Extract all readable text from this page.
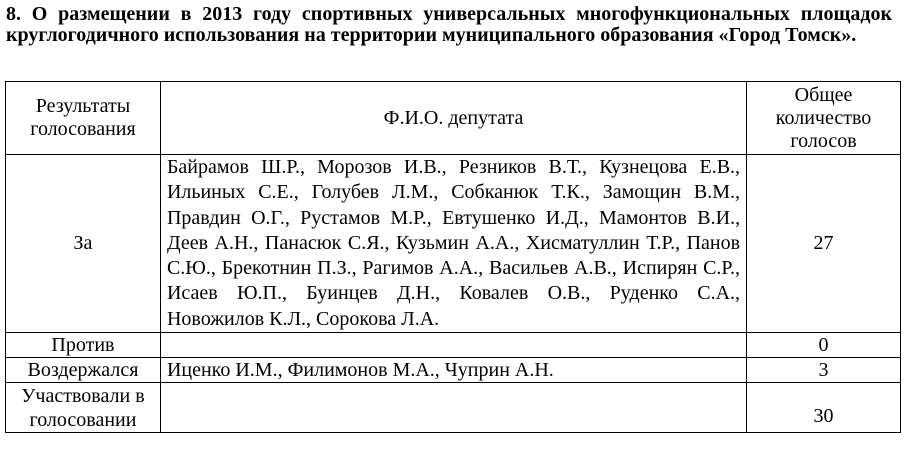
8. О размещении в 2013 году спортивных универсальных многофункциональных площадок круглогодичного использования на территории муниципального образования «Город Томск».
Результаты голосования	Ф.И.О. депутата	Общее количество голосов
За	Байрамов Ш.Р., Морозов И.В., Резников В.Т., Кузнецова Е.В., Ильиных С.Е., Голубев Л.М., Собканюк Т.К., Замощин В.М., Правдин О.Г., Рустамов М.Р., Евтушенко И.Д., Мамонтов В.И., Деев А.Н., Панасюк С.Я., Кузьмин А.А., Хисматуллин Т.Р., Панов С.Ю., Брекотнин П.З., Рагимов А.А., Васильев А.В., Испирян С.Р., Исаев Ю.П., Буинцев Д.Н., Ковалев О.В., Руденко С.А., Новожилов К.Л., Сорокова Л.А.	27
Против		0
Воздержался	Иценко И.М., Филимонов М.А., Чуприн А.Н.	3
Участвовали в голосовании		30
